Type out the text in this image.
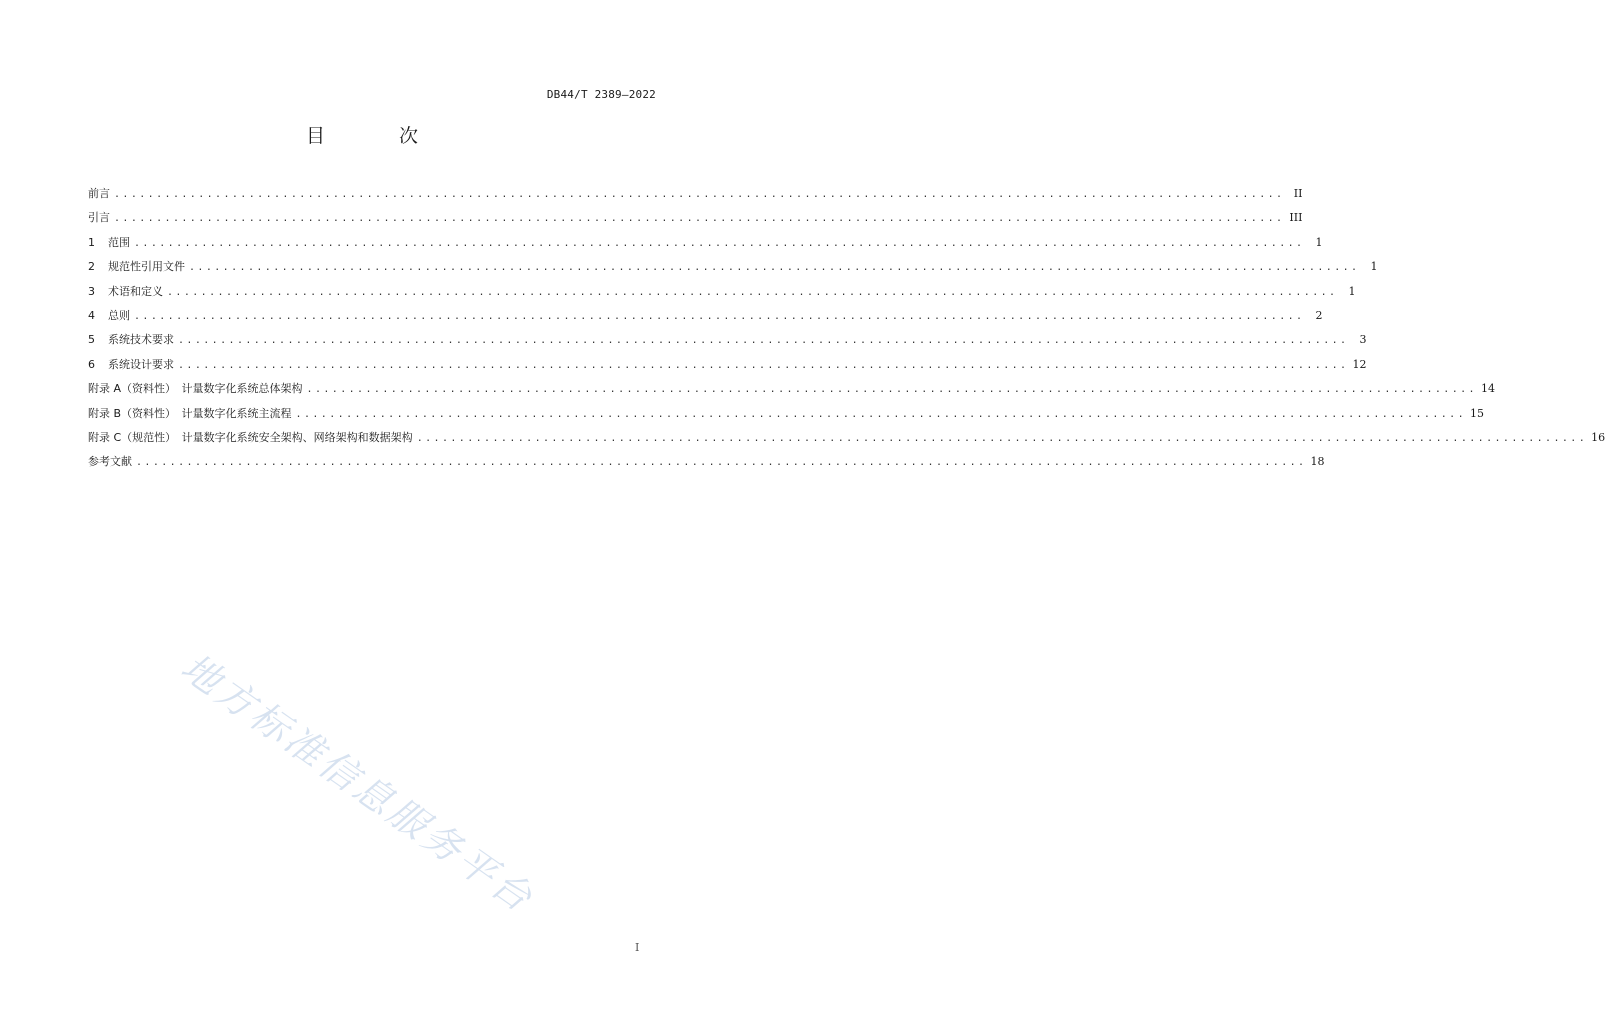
DB44/T 2389—2022
目 次
前言 ........................................................................................................................................... II
引言 ........................................................................................................................................... III
1	范围 ...........................................................................................................................................	1
2	规范性引用文件 ...........................................................................................................................................	1
3	术语和定义 ...........................................................................................................................................	1
4	总则 ...........................................................................................................................................	2
5	系统技术要求 ...........................................................................................................................................	3
6	系统设计要求 ........................................................................................................................................... 12
附录 A（资料性）　计量数字化系统总体架构 ........................................................................................................................................... 14
附录 B（资料性）　计量数字化系统主流程 ........................................................................................................................................... 15
附录 C（规范性）　计量数字化系统安全架构、网络架构和数据架构 ........................................................................................................................................... 16
参考文献 ........................................................................................................................................... 18
地方标准信息服务平台
I
